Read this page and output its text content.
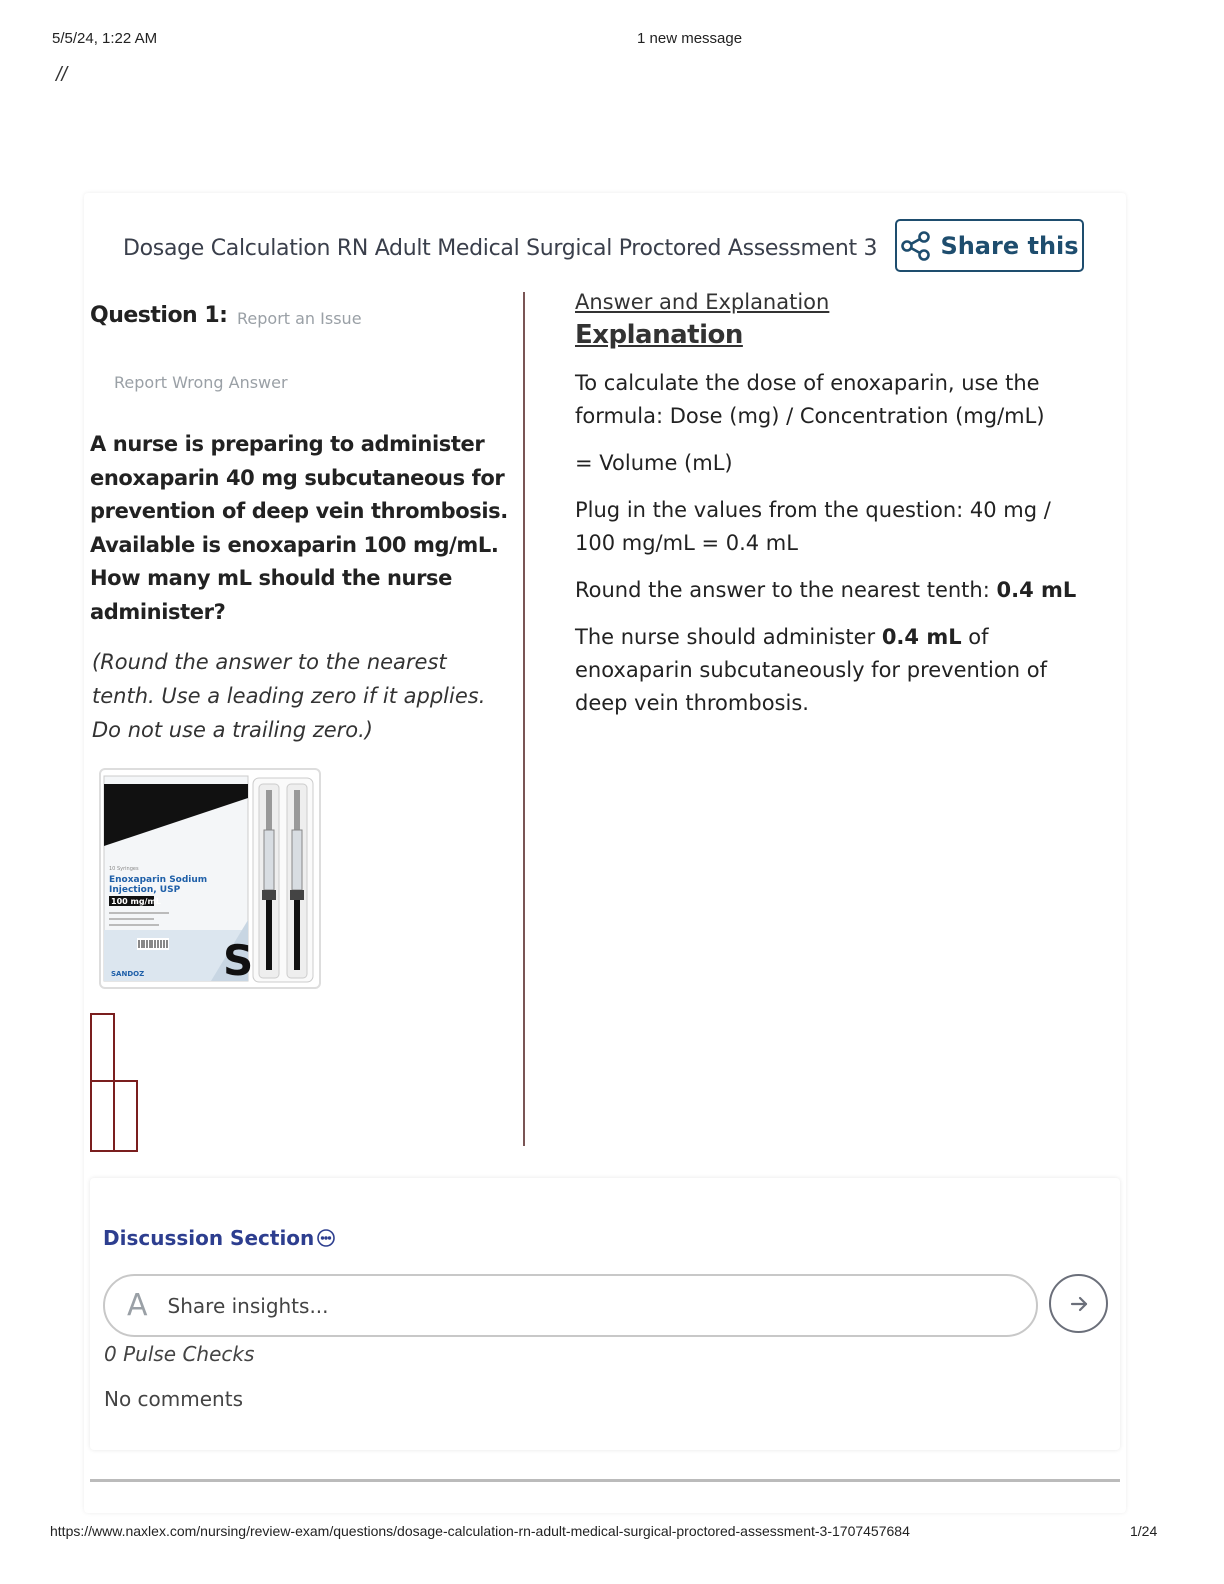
5/5/24, 1:22 AM	1 new message
//
Dosage Calculation RN Adult Medical Surgical Proctored Assessment 3	Share this
Question 1: Report an Issue
Report Wrong Answer
A nurse is preparing to administer enoxaparin 40 mg subcutaneous for prevention of deep vein thrombosis. Available is enoxaparin 100 mg/mL. How many mL should the nurse administer?
(Round the answer to the nearest tenth. Use a leading zero if it applies. Do not use a trailing zero.)
10 Syringes
Enoxaparin Sodium
Injection, USP
100 mg/mL
S
SANDOZ
Answer and Explanation
Explanation

To calculate the dose of enoxaparin, use the formula: Dose (mg) / Concentration (mg/mL)

= Volume (mL)

Plug in the values from the question: 40 mg / 100 mg/mL = 0.4 mL

Round the answer to the nearest tenth: 0.4 mL

The nurse should administer 0.4 mL of enoxaparin subcutaneously for prevention of deep vein thrombosis.

Discussion Section
A Share insights...
0 Pulse Checks
No comments
https://www.naxlex.com/nursing/review-exam/questions/dosage-calculation-rn-adult-medical-surgical-proctored-assessment-3-1707457684	1/24
